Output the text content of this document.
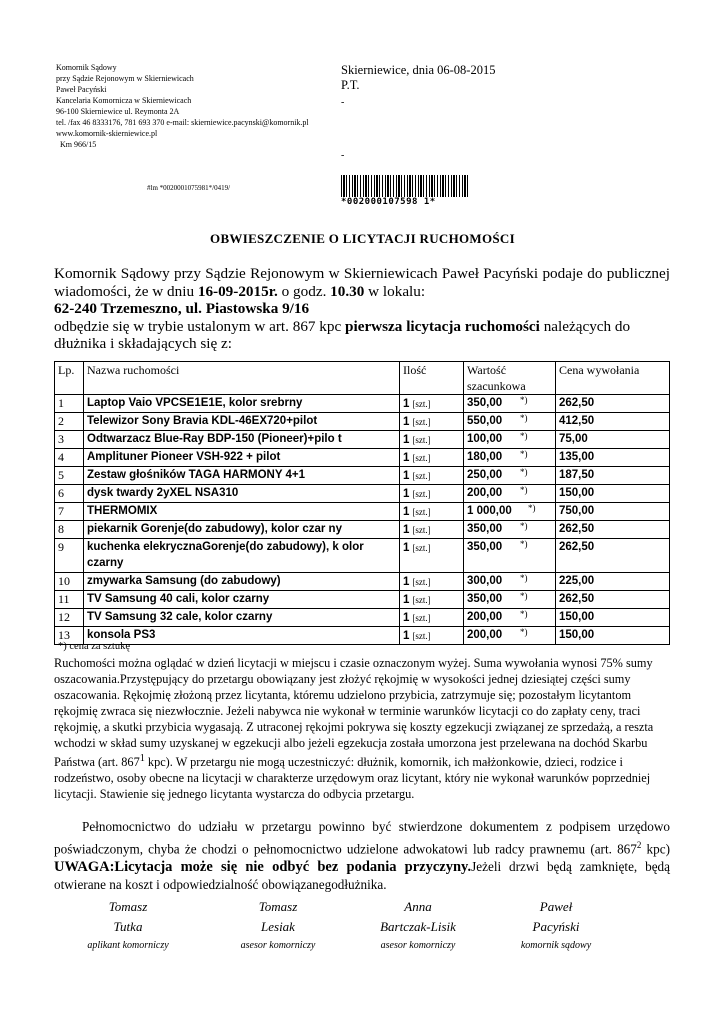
Komornik Sądowy
przy Sądzie Rejonowym w Skierniewicach
Paweł Pacyński
Kancelaria Komornicza w Skierniewicach
96-100 Skierniewice ul. Reymonta 2A
tel. /fax 46 8333176, 781 693 370 e-mail: skierniewice.pacynski@komornik.pl
www.komornik-skierniewice.pl
Km 966/15
Skierniewice, dnia 06-08-2015
P.T.
-
-
#lm *0020001075981*/0419/
*002000107598 1*
OBWIESZCZENIE O LICYTACJI RUCHOMOŚCI

Komornik Sądowy przy Sądzie Rejonowym w Skierniewicach Paweł Pacyński podaje do publicznej wiadomości, że w dniu 16-09-2015r. o godz. 10.30 w lokalu:

62-240 Trzemeszno, ul. Piastowska 9/16
odbędzie się w trybie ustalonym w art. 867 kpc pierwsza licytacja ruchomości należących do dłużnika i składających się z:
Lp.	Nazwa ruchomości	Ilość	Wartość szacunkowa	Cena wywołania
1	Laptop Vaio VPCSE1E1E, kolor srebrny	1 [szt.]	350,00 *)	262,50
2	Telewizor Sony Bravia KDL-46EX720+pilot	1 [szt.]	550,00 *)	412,50
3	Odtwarzacz Blue-Ray BDP-150 (Pioneer)+pilo t	1 [szt.]	100,00 *)	75,00
4	Amplituner Pioneer VSH-922 + pilot	1 [szt.]	180,00 *)	135,00
5	Zestaw głośników TAGA HARMONY 4+1	1 [szt.]	250,00 *)	187,50
6	dysk twardy 2yXEL NSA310	1 [szt.]	200,00 *)	150,00
7	THERMOMIX	1 [szt.]	1 000,00 *)	750,00
8	piekarnik Gorenje(do zabudowy), kolor czar ny	1 [szt.]	350,00 *)	262,50
9	kuchenka elekrycznaGorenje(do zabudowy), k olor czarny	1 [szt.]	350,00 *)	262,50
10	zmywarka Samsung (do zabudowy)	1 [szt.]	300,00 *)	225,00
11	TV Samsung 40 cali, kolor czarny	1 [szt.]	350,00 *)	262,50
12	TV Samsung 32 cale, kolor czarny	1 [szt.]	200,00 *)	150,00
13	konsola PS3	1 [szt.]	200,00 *)	150,00
*) cena za sztukę
Ruchomości można oglądać w dzień licytacji w miejscu i czasie oznaczonym wyżej. Suma wywołania wynosi 75% sumy oszacowania.Przystępujący do przetargu obowiązany jest złożyć rękojmię w wysokości jednej dziesiątej części sumy oszacowania. Rękojmię złożoną przez licytanta, któremu udzielono przybicia, zatrzymuje się; pozostałym licytantom rękojmię zwraca się niezwłocznie. Jeżeli nabywca nie wykonał w terminie warunków licytacji co do zapłaty ceny, traci rękojmię, a skutki przybicia wygasają. Z utraconej rękojmi pokrywa się koszty egzekucji związanej ze sprzedażą, a reszta wchodzi w skład sumy uzyskanej w egzekucji albo jeżeli egzekucja została umorzona jest przelewana na dochód Skarbu Państwa (art. $867^1$ kpc). W przetargu nie mogą uczestniczyć: dłużnik, komornik, ich małżonkowie, dzieci, rodzice i rodzeństwo, osoby obecne na licytacji w charakterze urzędowym oraz licytant, który nie wykonał warunków poprzedniej licytacji. Stawienie się jednego licytanta wystarcza do odbycia przetargu.
Pełnomocnictwo do udziału w przetargu powinno być stwierdzone dokumentem z podpisem urzędowo poświadczonym, chyba że chodzi o pełnomocnictwo udzielone adwokatowi lub radcy prawnemu (art. $867^2$ kpc) UWAGA:Licytacja może się nie odbyć bez podania przyczyny.Jeżeli drzwi będą zamknięte, będą otwierane na koszt i odpowiedzialność obowiązanegodłużnika.
Tomasz
Tutka
aplikant komorniczy
Tomasz
Lesiak
asesor komorniczy
Anna
Bartczak-Lisik
asesor komorniczy
Paweł
Pacyński
komornik sądowy
